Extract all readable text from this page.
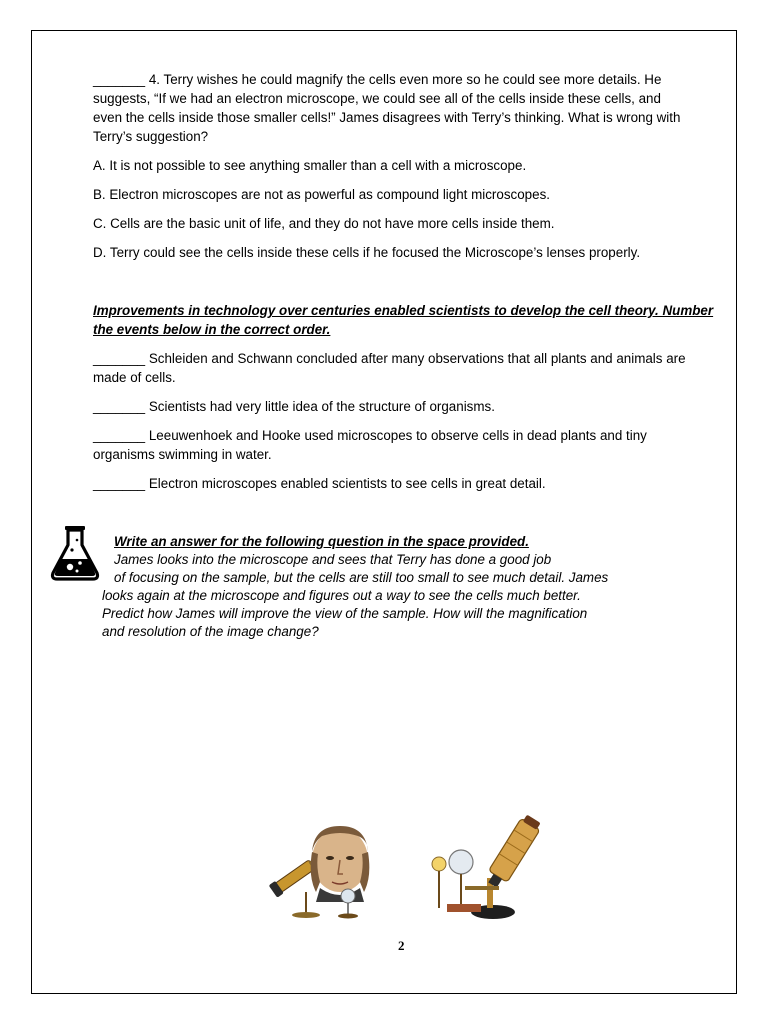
_______ 4. Terry wishes he could magnify the cells even more so he could see more details. He
suggests, “If we had an electron microscope, we could see all of the cells inside these cells, and
even the cells inside those smaller cells!” James disagrees with Terry’s thinking. What is wrong with
Terry’s suggestion?
A. It is not possible to see anything smaller than a cell with a microscope.
B. Electron microscopes are not as powerful as compound light microscopes.
C. Cells are the basic unit of life, and they do not have more cells inside them.
D. Terry could see the cells inside these cells if he focused the Microscope’s lenses properly.
Improvements in technology over centuries enabled scientists to develop the cell theory. Number
the events below in the correct order.
_______ Schleiden and Schwann concluded after many observations that all plants and animals are
made of cells.
_______ Scientists had very little idea of the structure of organisms.
_______ Leeuwenhoek and Hooke used microscopes to observe cells in dead plants and tiny
organisms swimming in water.
_______ Electron microscopes enabled scientists to see cells in great detail.
Write an answer for the following question in the space provided.
James looks into the microscope and sees that Terry has done a good job
of focusing on the sample, but the cells are still too small to see much detail. James
looks again at the microscope and figures out a way to see the cells much better.
Predict how James will improve the view of the sample. How will the magnification
and resolution of the image change?
2
